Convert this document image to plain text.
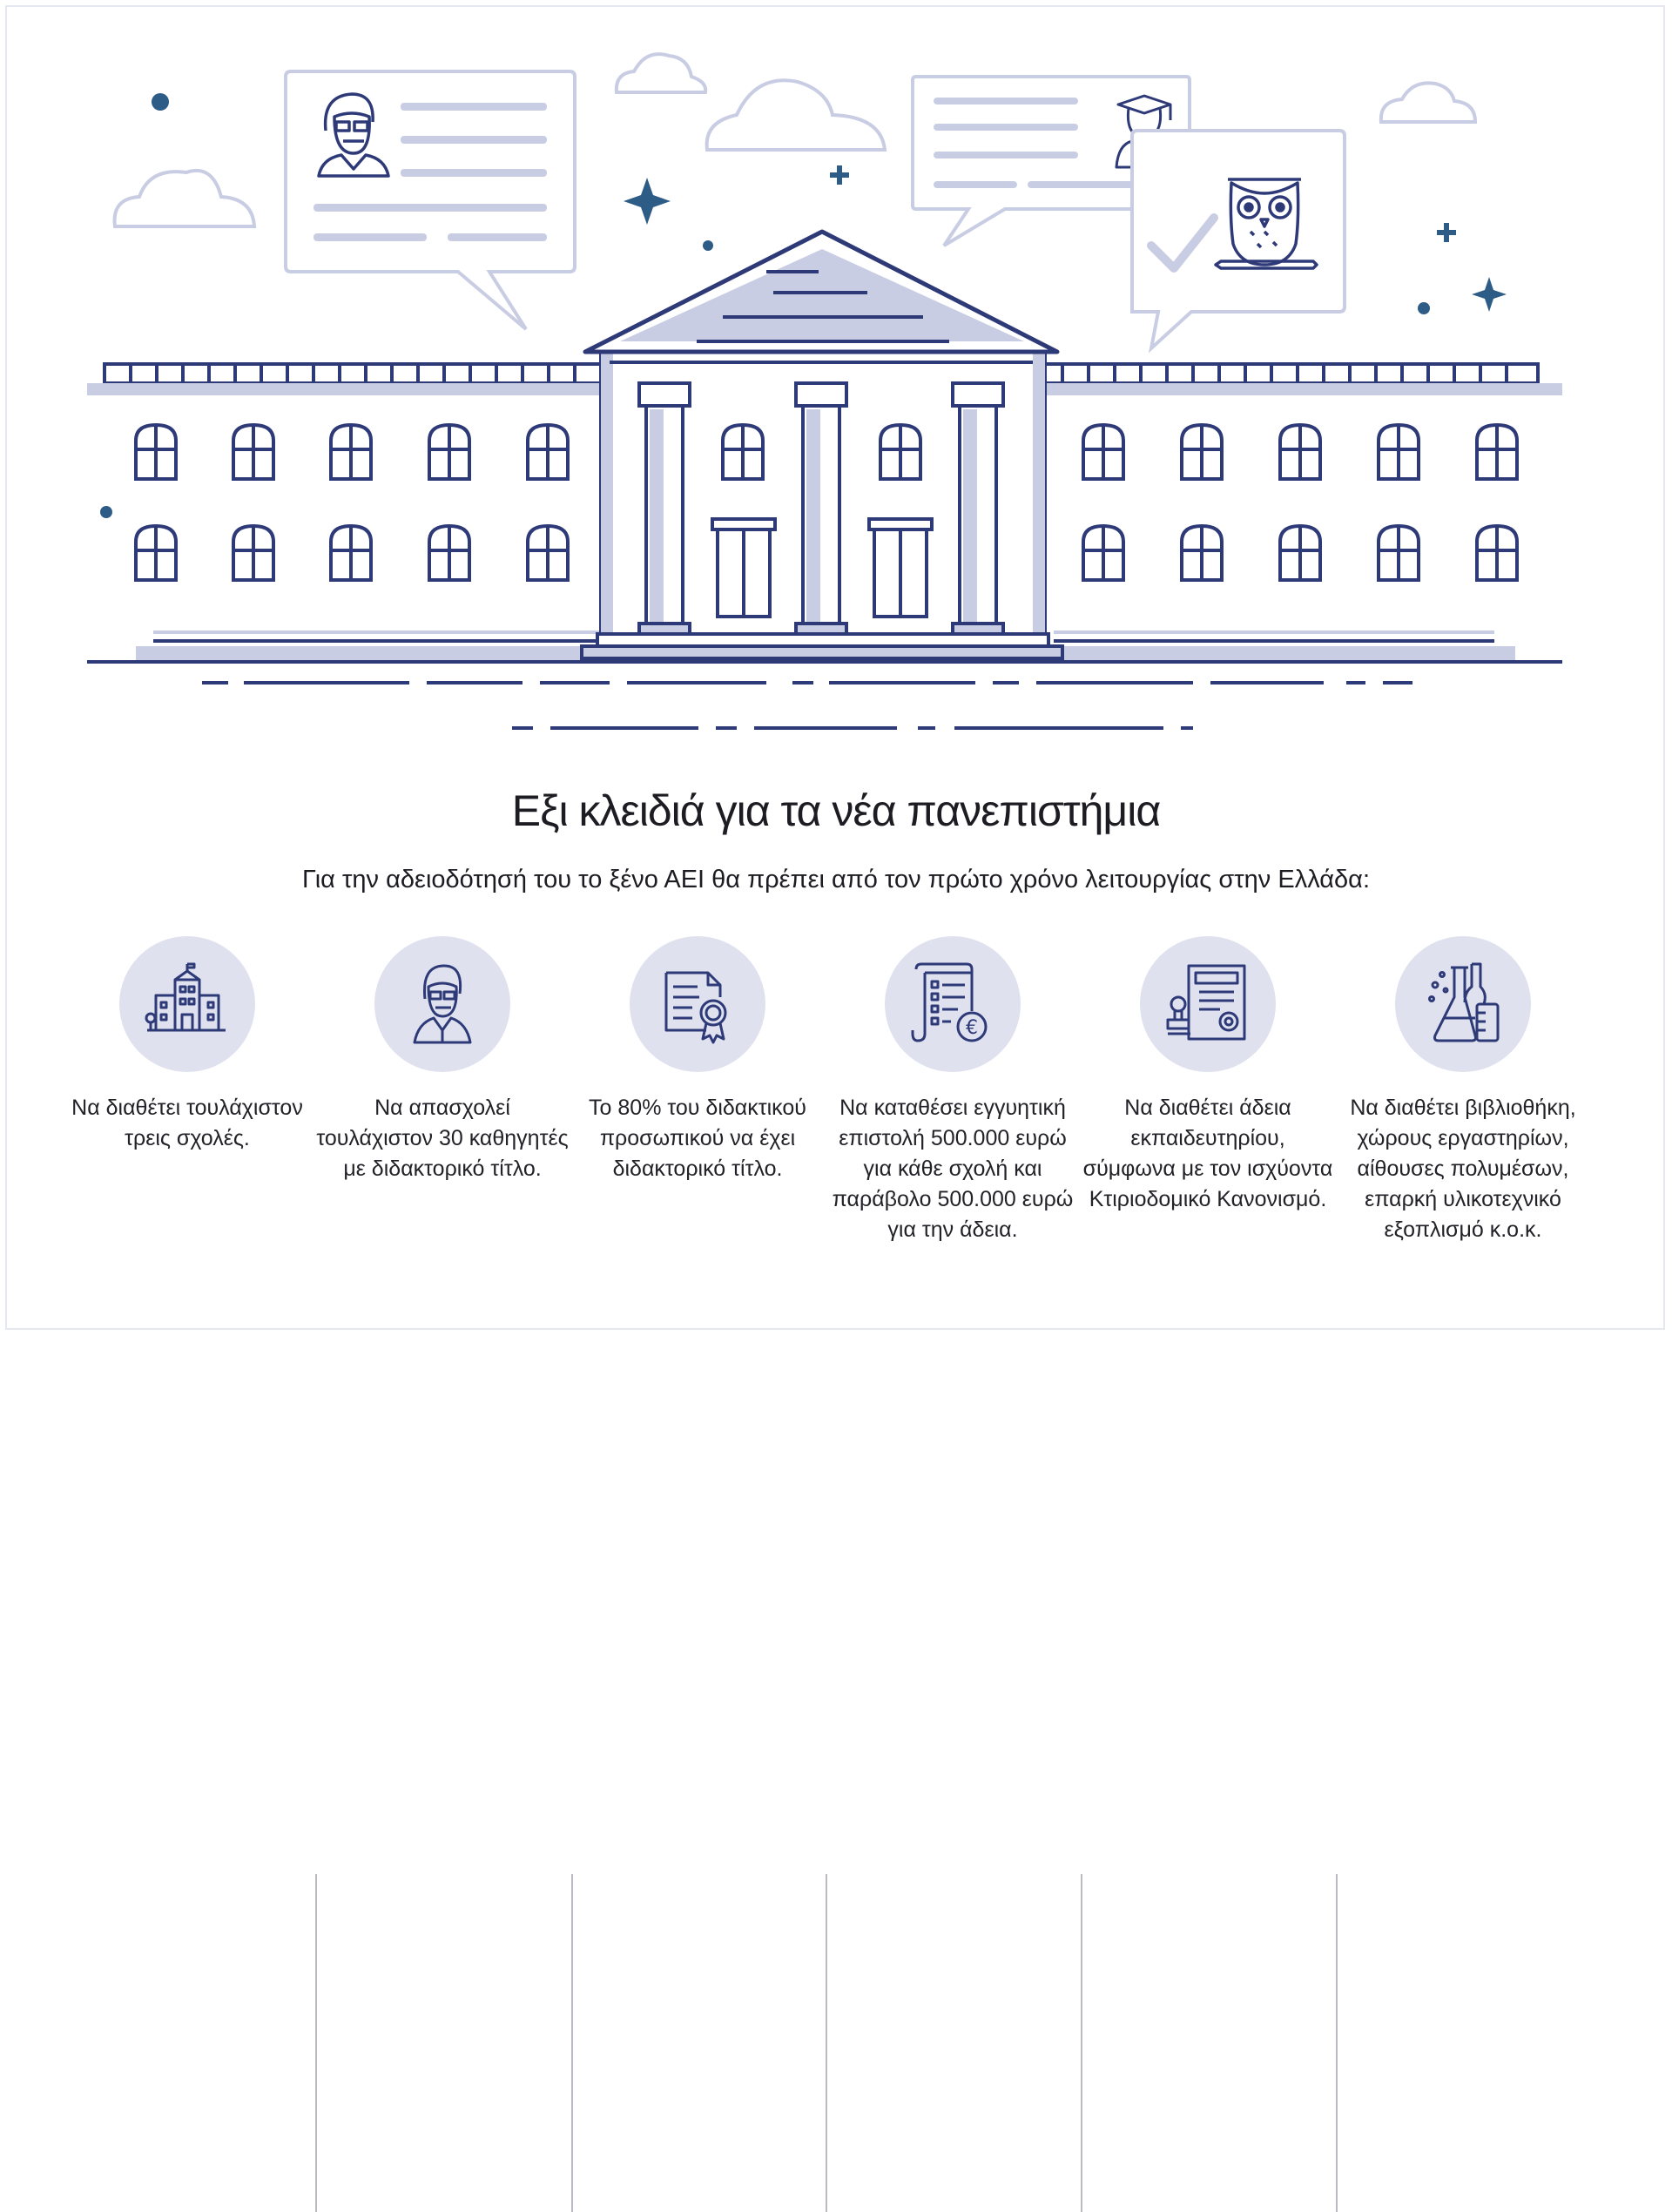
Εξι κλειδιά για τα νέα πανεπιστήμια
Για την αδειοδότησή του το ξένο ΑΕΙ θα πρέπει από τον πρώτο χρόνο λειτουργίας στην Ελλάδα:
Να διαθέτει τουλάχιστον τρεις σχολές.
Να απασχολεί τουλάχιστον 30 καθηγητές με διδακτορικό τίτλο.
Το 80% του διδακτικού προσωπικού να έχει διδακτορικό τίτλο.
€
Να καταθέσει εγγυητική επιστολή 500.000 ευρώ για κάθε σχολή και παράβολο 500.000 ευρώ για την άδεια.
Να διαθέτει άδεια εκπαιδευτηρίου, σύμφωνα με τον ισχύοντα Κτιριοδομικό Κανονισμό.
Να διαθέτει βιβλιοθήκη, χώρους εργαστηρίων, αίθουσες πολυμέσων, επαρκή υλικοτεχνικό εξοπλισμό κ.ο.κ.
